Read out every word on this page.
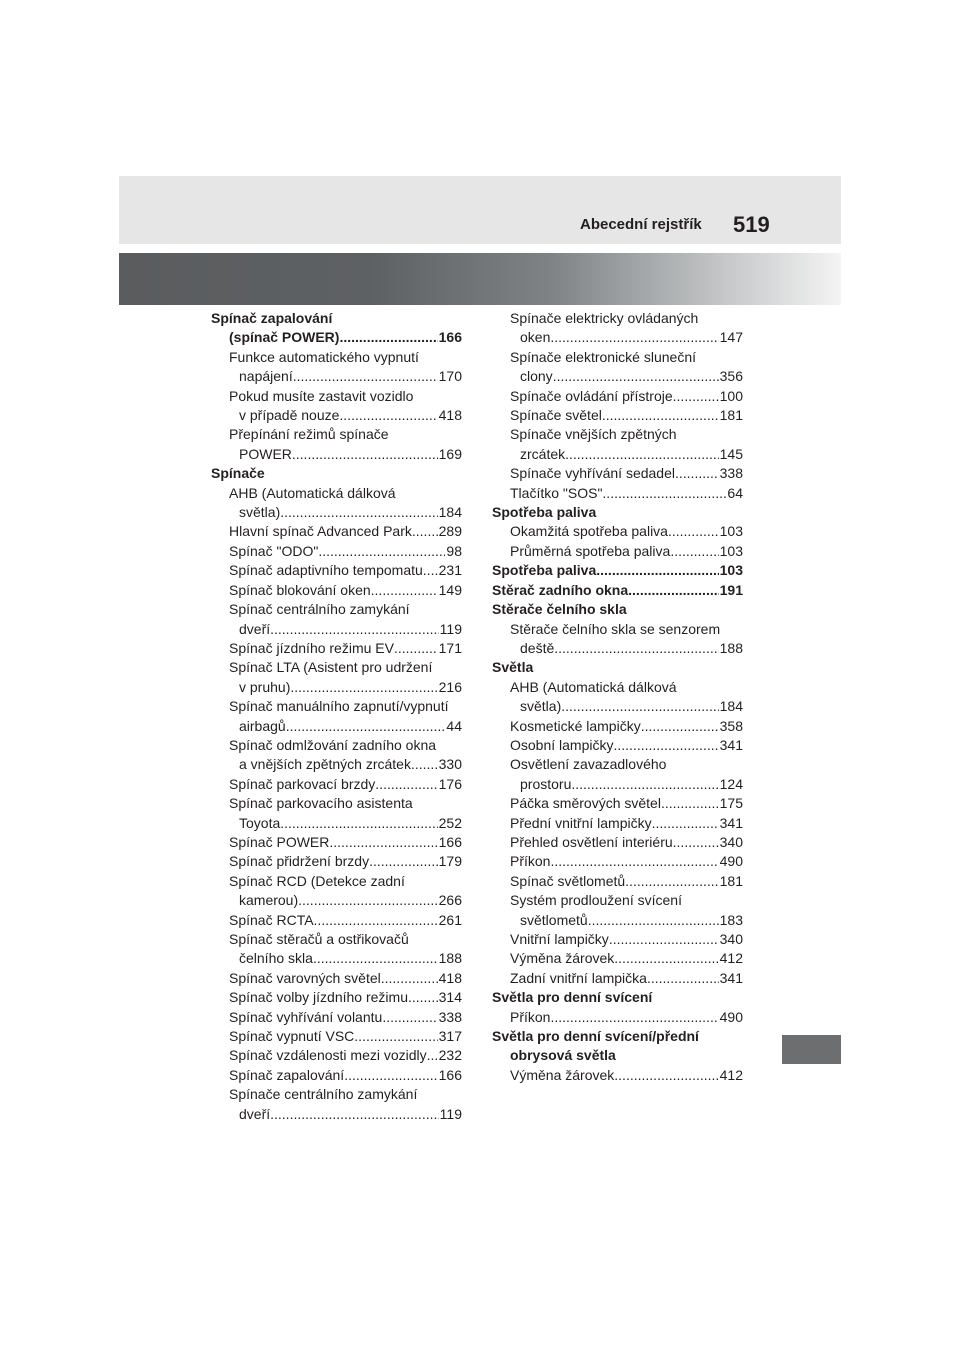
Abecední rejstřík 519
Spínač zapalování
(spínač POWER) .....	166
Funkce automatického vypnutí
napájení .....	170
Pokud musíte zastavit vozidlo
v případě nouze .....	418
Přepínání režimů spínače
POWER .....	169
Spínače
AHB (Automatická dálková
světla) .....	184
Hlavní spínač Advanced Park ..... 289
Spínač "ODO" .....	98
Spínač adaptivního tempomatu ..... 231
Spínač blokování oken .....	149
Spínač centrálního zamykání
dveří .....	119
Spínač jízdního režimu EV .....	171
Spínač LTA (Asistent pro udržení
v pruhu) .....	216
Spínač manuálního zapnutí/vypnutí
airbagů .....	44
Spínač odmlžování zadního okna
a vnějších zpětných zrcátek ..... 330
Spínač parkovací brzdy .....	176
Spínač parkovacího asistenta
Toyota .....	252
Spínač POWER .....	166
Spínač přidržení brzdy .....	179
Spínač RCD (Detekce zadní
kamerou) .....	266
Spínač RCTA .....	261
Spínač stěračů a ostřikovačů
čelního skla .....	188
Spínač varovných světel .....	418
Spínač volby jízdního režimu ..... 314
Spínač vyhřívání volantu .....	338
Spínač vypnutí VSC .....	317
Spínač vzdálenosti mezi vozidly ..... 232
Spínač zapalování .....	166
Spínače centrálního zamykání
dveří .....	119
Spínače elektricky ovládaných
oken .....	147
Spínače elektronické sluneční
clony .....	356
Spínače ovládání přístroje .....	100
Spínače světel .....	181
Spínače vnějších zpětných
zrcátek .....	145
Spínače vyhřívání sedadel .....	338
Tlačítko "SOS" .....	64
Spotřeba paliva
Okamžitá spotřeba paliva .....	103
Průměrná spotřeba paliva .....	103
Spotřeba paliva .....	103
Stěrač zadního okna .....	191
Stěrače čelního skla
Stěrače čelního skla se senzorem
deště .....	188
Světla
AHB (Automatická dálková
světla) .....	184
Kosmetické lampičky .....	358
Osobní lampičky .....	341
Osvětlení zavazadlového
prostoru .....	124
Páčka směrových světel .....	175
Přední vnitřní lampičky .....	341
Přehled osvětlení interiéru .....	340
Příkon .....	490
Spínač světlometů .....	181
Systém prodloužení svícení
světlometů .....	183
Vnitřní lampičky .....	340
Výměna žárovek .....	412
Zadní vnitřní lampička .....	341
Světla pro denní svícení
Příkon .....	490
Světla pro denní svícení/přední
obrysová světla
Výměna žárovek .....	412
